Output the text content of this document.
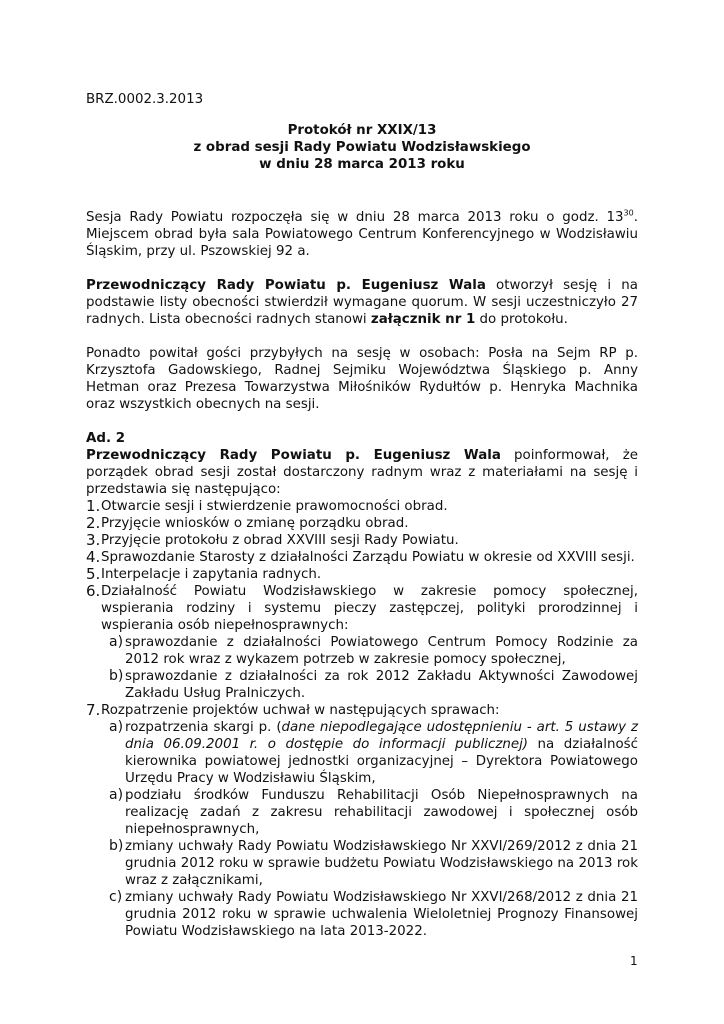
BRZ.0002.3.2013
Protokół nr XXIX/13
z obrad sesji Rady Powiatu Wodzisławskiego
w dniu 28 marca 2013 roku

Sesja Rady Powiatu rozpoczęła się w dniu 28 marca 2013 roku o godz. $13^{30}$. Miejscem obrad była sala Powiatowego Centrum Konferencyjnego w Wodzisławiu Śląskim, przy ul. Pszowskiej 92 a.

Przewodniczący Rady Powiatu p. Eugeniusz Wala otworzył sesję i na podstawie listy obecności stwierdził wymagane quorum. W sesji uczestniczyło 27 radnych. Lista obecności radnych stanowi załącznik nr 1 do protokołu.

Ponadto powitał gości przybyłych na sesję w osobach: Posła na Sejm RP p. Krzysztofa Gadowskiego, Radnej Sejmiku Województwa Śląskiego p. Anny Hetman oraz Prezesa Towarzystwa Miłośników Rydułtów p. Henryka Machnika oraz wszystkich obecnych na sesji.

Ad. 2

Przewodniczący Rady Powiatu p. Eugeniusz Wala poinformował, że porządek obrad sesji został dostarczony radnym wraz z materiałami na sesję i przedstawia się następująco:

1. Otwarcie sesji i stwierdzenie prawomocności obrad.
2. Przyjęcie wniosków o zmianę porządku obrad.
3. Przyjęcie protokołu z obrad XXVIII sesji Rady Powiatu.
4. Sprawozdanie Starosty z działalności Zarządu Powiatu w okresie od XXVIII sesji.
5. Interpelacje i zapytania radnych.
6. Działalność Powiatu Wodzisławskiego w zakresie pomocy społecznej, wspierania rodziny i systemu pieczy zastępczej, polityki prorodzinnej i wspierania osób niepełnosprawnych:
a) sprawozdanie z działalności Powiatowego Centrum Pomocy Rodzinie za 2012 rok wraz z wykazem potrzeb w zakresie pomocy społecznej,
b) sprawozdanie z działalności za rok 2012 Zakładu Aktywności Zawodowej Zakładu Usług Pralniczych.
7. Rozpatrzenie projektów uchwał w następujących sprawach:
a) rozpatrzenia skargi p. (dane niepodlegające udostępnieniu - art. 5 ustawy z dnia 06.09.2001 r. o dostępie do informacji publicznej) na działalność kierownika powiatowej jednostki organizacyjnej – Dyrektora Powiatowego Urzędu Pracy w Wodzisławiu Śląskim,
a) podziału środków Funduszu Rehabilitacji Osób Niepełnosprawnych na realizację zadań z zakresu rehabilitacji zawodowej i społecznej osób niepełnosprawnych,
b) zmiany uchwały Rady Powiatu Wodzisławskiego Nr XXVI/269/2012 z dnia 21 grudnia 2012 roku w sprawie budżetu Powiatu Wodzisławskiego na 2013 rok wraz z załącznikami,
c) zmiany uchwały Rady Powiatu Wodzisławskiego Nr XXVI/268/2012 z dnia 21 grudnia 2012 roku w sprawie uchwalenia Wieloletniej Prognozy Finansowej Powiatu Wodzisławskiego na lata 2013-2022.
1
